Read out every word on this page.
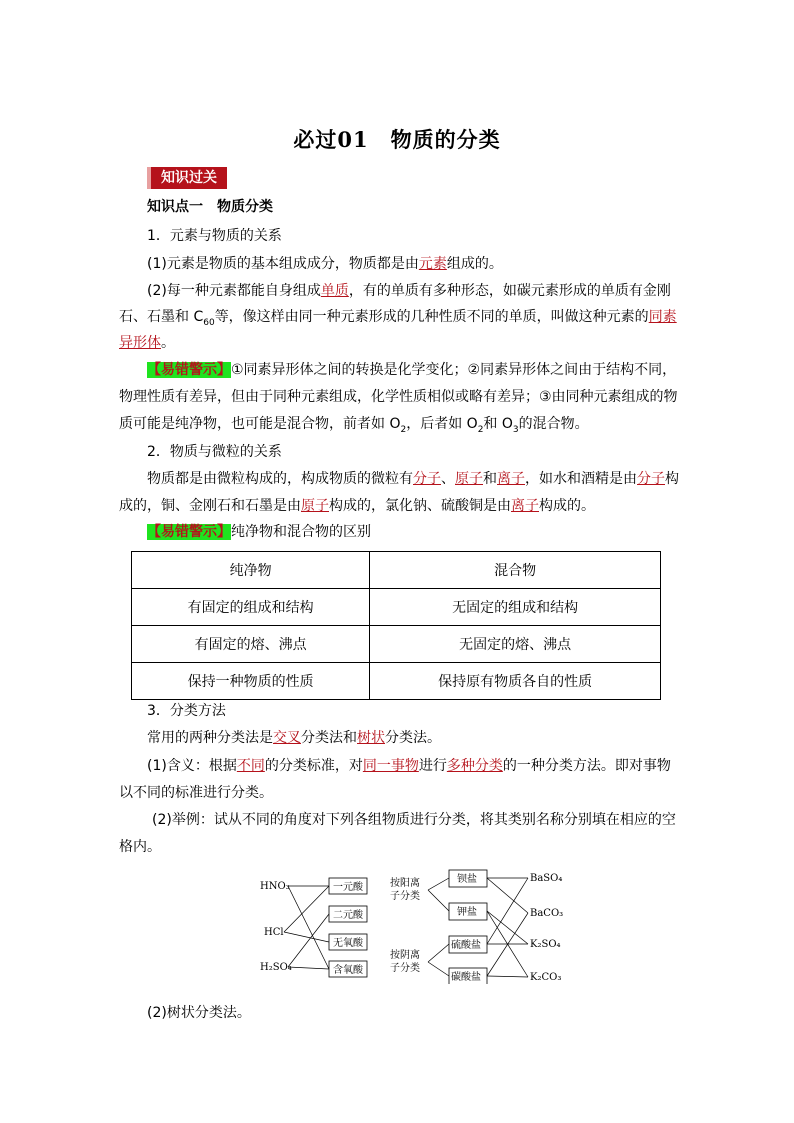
必过01 物质的分类
知识过关
知识点一　物质分类
1．元素与物质的关系
(1)元素是物质的基本组成成分，物质都是由元素组成的。
(2)每一种元素都能自身组成单质，有的单质有多种形态，如碳元素形成的单质有金刚
石、石墨和 $C_{60}$等，像这样由同一种元素形成的几种性质不同的单质，叫做这种元素的同素
异形体。
【易错警示】①同素异形体之间的转换是化学变化；②同素异形体之间由于结构不同，
物理性质有差异，但由于同种元素组成，化学性质相似或略有差异；③由同种元素组成的物
质可能是纯净物，也可能是混合物，前者如 $O_2$，后者如 $O_2$和 $O_3$的混合物。
2．物质与微粒的关系
物质都是由微粒构成的，构成物质的微粒有分子、原子和离子，如水和酒精是由分子构
成的，铜、金刚石和石墨是由原子构成的，氯化钠、硫酸铜是由离子构成的。
【易错警示】纯净物和混合物的区别
纯净物	混合物
有固定的组成和结构	无固定的组成和结构
有固定的熔、沸点	无固定的熔、沸点
保持一种物质的性质	保持原有物质各自的性质
3．分类方法
常用的两种分类法是交叉分类法和树状分类法。
(1)含义：根据不同的分类标准，对同一事物进行多种分类的一种分类方法。即对事物
以不同的标准进行分类。
(2)举例：试从不同的角度对下列各组物质进行分类，将其类别名称分别填在相应的空
格内。
HNO₃
HCl
H₂SO₄
一元酸
二元酸
无氧酸
含氧酸
按阳离
子分类
按阴离
子分类
钡盐
钾盐
硫酸盐
碳酸盐
BaSO₄
BaCO₃
K₂SO₄
K₂CO₃
(2)树状分类法。
